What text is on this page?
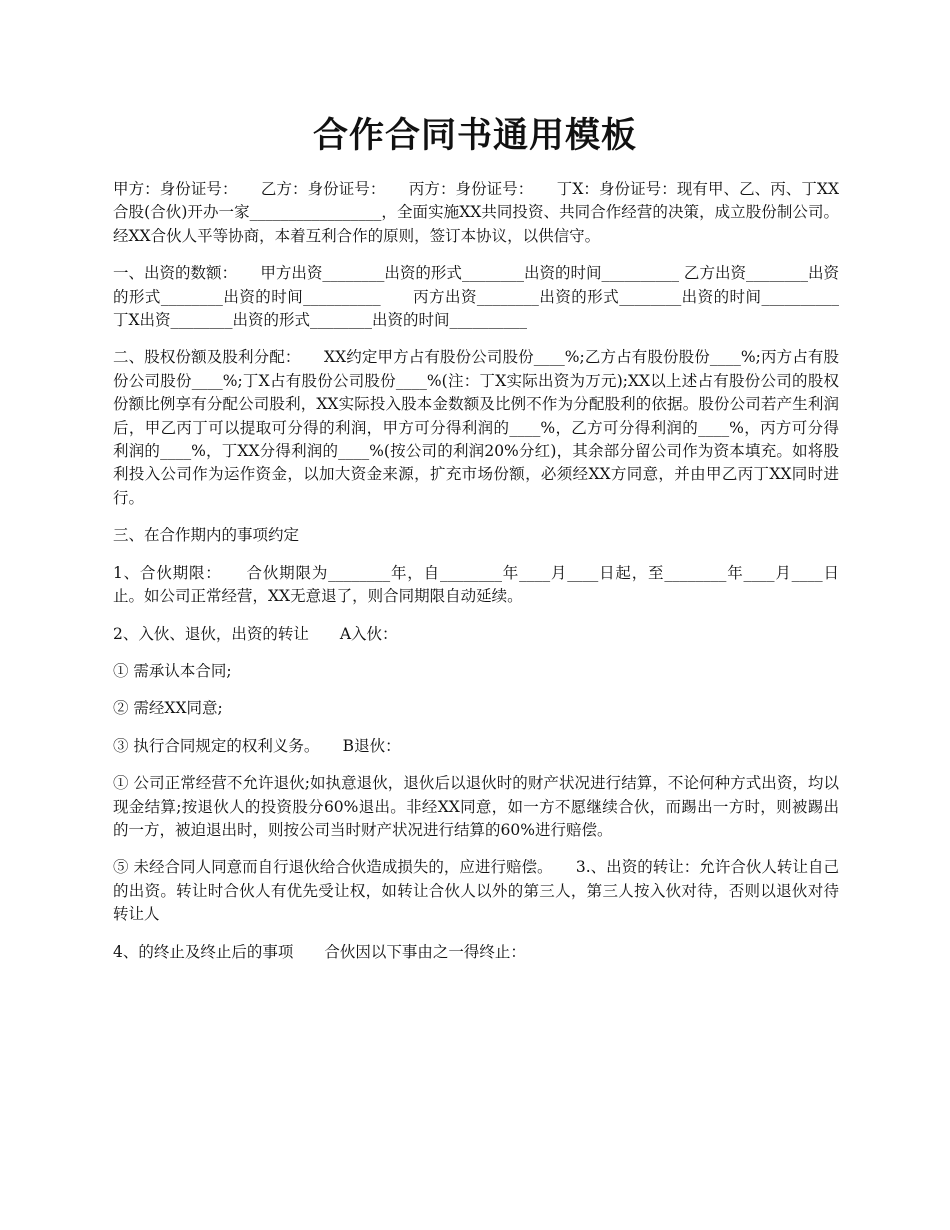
合作合同书通用模板

甲方：身份证号：　　乙方：身份证号：　　丙方：身份证号：　　丁X：身份证号：现有甲、乙、丙、丁XX合股(合伙)开办一家_________________，全面实施XX共同投资、共同合作经营的决策，成立股份制公司。经XX合伙人平等协商，本着互利合作的原则，签订本协议，以供信守。

一、出资的数额：　　甲方出资________出资的形式________出资的时间__________ 乙方出资________出资的形式________出资的时间__________　　丙方出资________出资的形式________出资的时间__________　　丁X出资________出资的形式________出资的时间__________

二、股权份额及股利分配：　　XX约定甲方占有股份公司股份____%;乙方占有股份股份____%;丙方占有股份公司股份____%;丁X占有股份公司股份____%(注：丁X实际出资为万元);XX以上述占有股份公司的股权份额比例享有分配公司股利，XX实际投入股本金数额及比例不作为分配股利的依据。股份公司若产生利润后，甲乙丙丁可以提取可分得的利润，甲方可分得利润的____%，乙方可分得利润的____%，丙方可分得利润的____%，丁XX分得利润的____%(按公司的利润20%分红)，其余部分留公司作为资本填充。如将股利投入公司作为运作资金，以加大资金来源，扩充市场份额，必须经XX方同意，并由甲乙丙丁XX同时进行。

三、在合作期内的事项约定

1、合伙期限：　　合伙期限为________年，自________年____月____日起，至________年____月____日止。如公司正常经营，XX无意退了，则合同期限自动延续。

2、入伙、退伙，出资的转让　　A入伙：

① 需承认本合同;

② 需经XX同意;

③ 执行合同规定的权利义务。　　B退伙：

① 公司正常经营不允许退伙;如执意退伙，退伙后以退伙时的财产状况进行结算，不论何种方式出资，均以现金结算;按退伙人的投资股分60%退出。非经XX同意，如一方不愿继续合伙，而踢出一方时，则被踢出的一方，被迫退出时，则按公司当时财产状况进行结算的60%进行赔偿。

⑤ 未经合同人同意而自行退伙给合伙造成损失的，应进行赔偿。　　3.、出资的转让：允许合伙人转让自己的出资。转让时合伙人有优先受让权，如转让合伙人以外的第三人，第三人按入伙对待，否则以退伙对待转让人

4、的终止及终止后的事项　　合伙因以下事由之一得终止：
